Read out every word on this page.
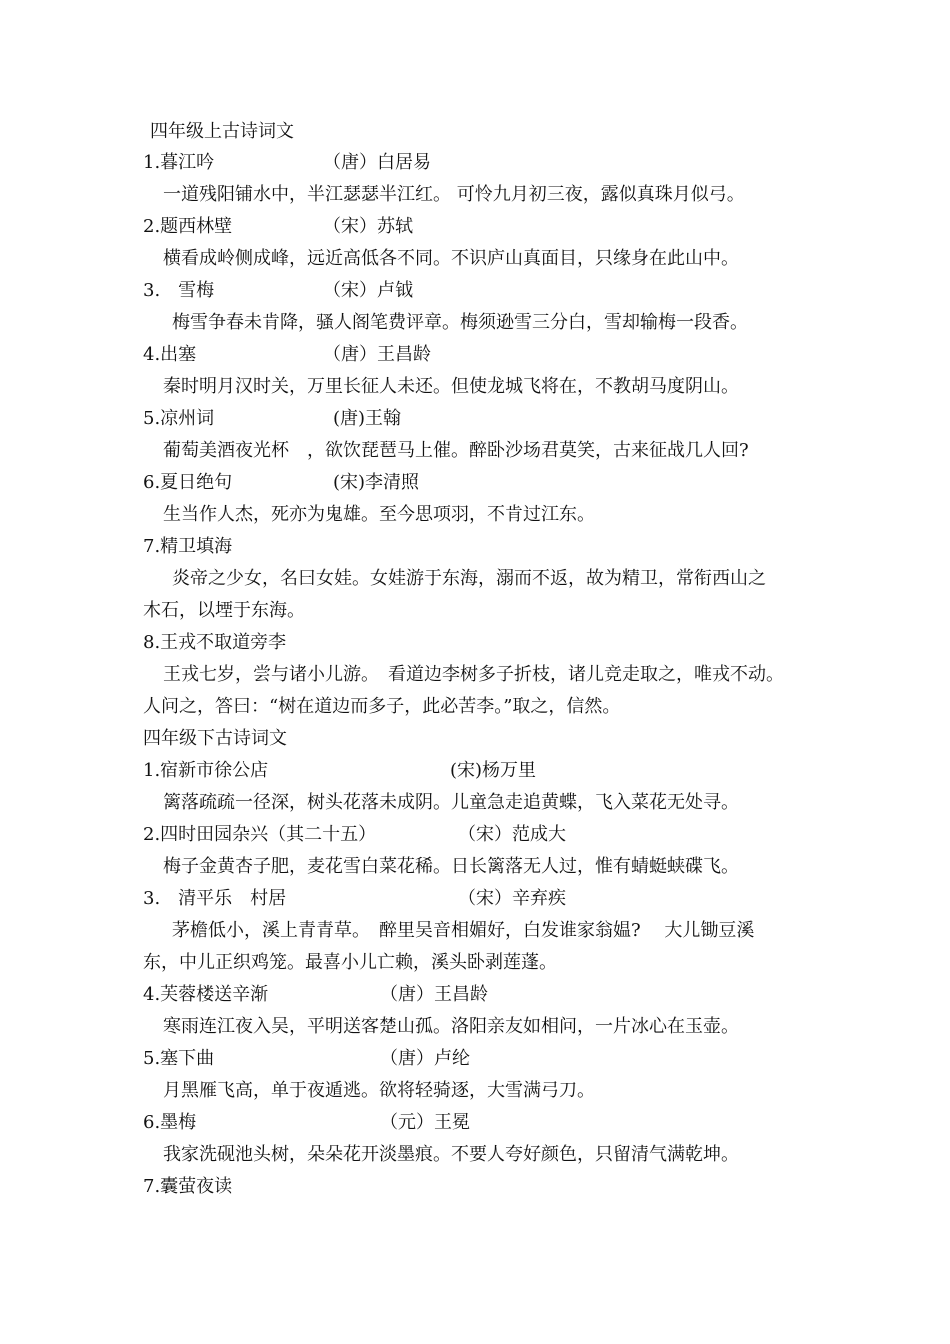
四年级上古诗词文
1.暮江吟	（唐）白居易
一道残阳铺水中，半江瑟瑟半江红。 可怜九月初三夜，露似真珠月似弓。
2.题西林壁	（宋）苏轼
横看成岭侧成峰，远近高低各不同。不识庐山真面目，只缘身在此山中。
3.　雪梅	（宋）卢钺
梅雪争春未肯降，骚人阁笔费评章。梅须逊雪三分白，雪却输梅一段香。
4.出塞	（唐）王昌龄
秦时明月汉时关，万里长征人未还。但使龙城飞将在，不教胡马度阴山。
5.凉州词	(唐)王翰
葡萄美酒夜光杯　，欲饮琵琶马上催。醉卧沙场君莫笑，古来征战几人回?
6.夏日绝句	(宋)李清照
生当作人杰，死亦为鬼雄。至今思项羽，不肯过江东。
7.精卫填海
炎帝之少女，名曰女娃。女娃游于东海，溺而不返，故为精卫，常衔西山之
木石，以堙于东海。
8.王戎不取道旁李
王戎七岁，尝与诸小儿游。　看道边李树多子折枝，诸儿竞走取之，唯戎不动。
人问之，答曰：“树在道边而多子，此必苦李。”取之，信然。
四年级下古诗词文
1.宿新市徐公店	(宋)杨万里
篱落疏疏一径深，树头花落未成阴。儿童急走追黄蝶，飞入菜花无处寻。
2.四时田园杂兴（其二十五）	（宋）范成大
梅子金黄杏子肥，麦花雪白菜花稀。日长篱落无人过，惟有蜻蜓蛱碟飞。
3.　清平乐　村居	（宋）辛弃疾
茅檐低小，溪上青青草。　醉里吴音相媚好，白发谁家翁媪?　 大儿锄豆溪
东，中儿正织鸡笼。最喜小儿亡赖，溪头卧剥莲蓬。
4.芙蓉楼送辛渐	（唐）王昌龄
寒雨连江夜入吴，平明送客楚山孤。洛阳亲友如相问，一片冰心在玉壶。
5.塞下曲	（唐）卢纶
月黑雁飞高，单于夜遁逃。欲将轻骑逐，大雪满弓刀。
6.墨梅	（元）王冕
我家洗砚池头树，朵朵花开淡墨痕。不要人夸好颜色，只留清气满乾坤。
7.囊萤夜读
